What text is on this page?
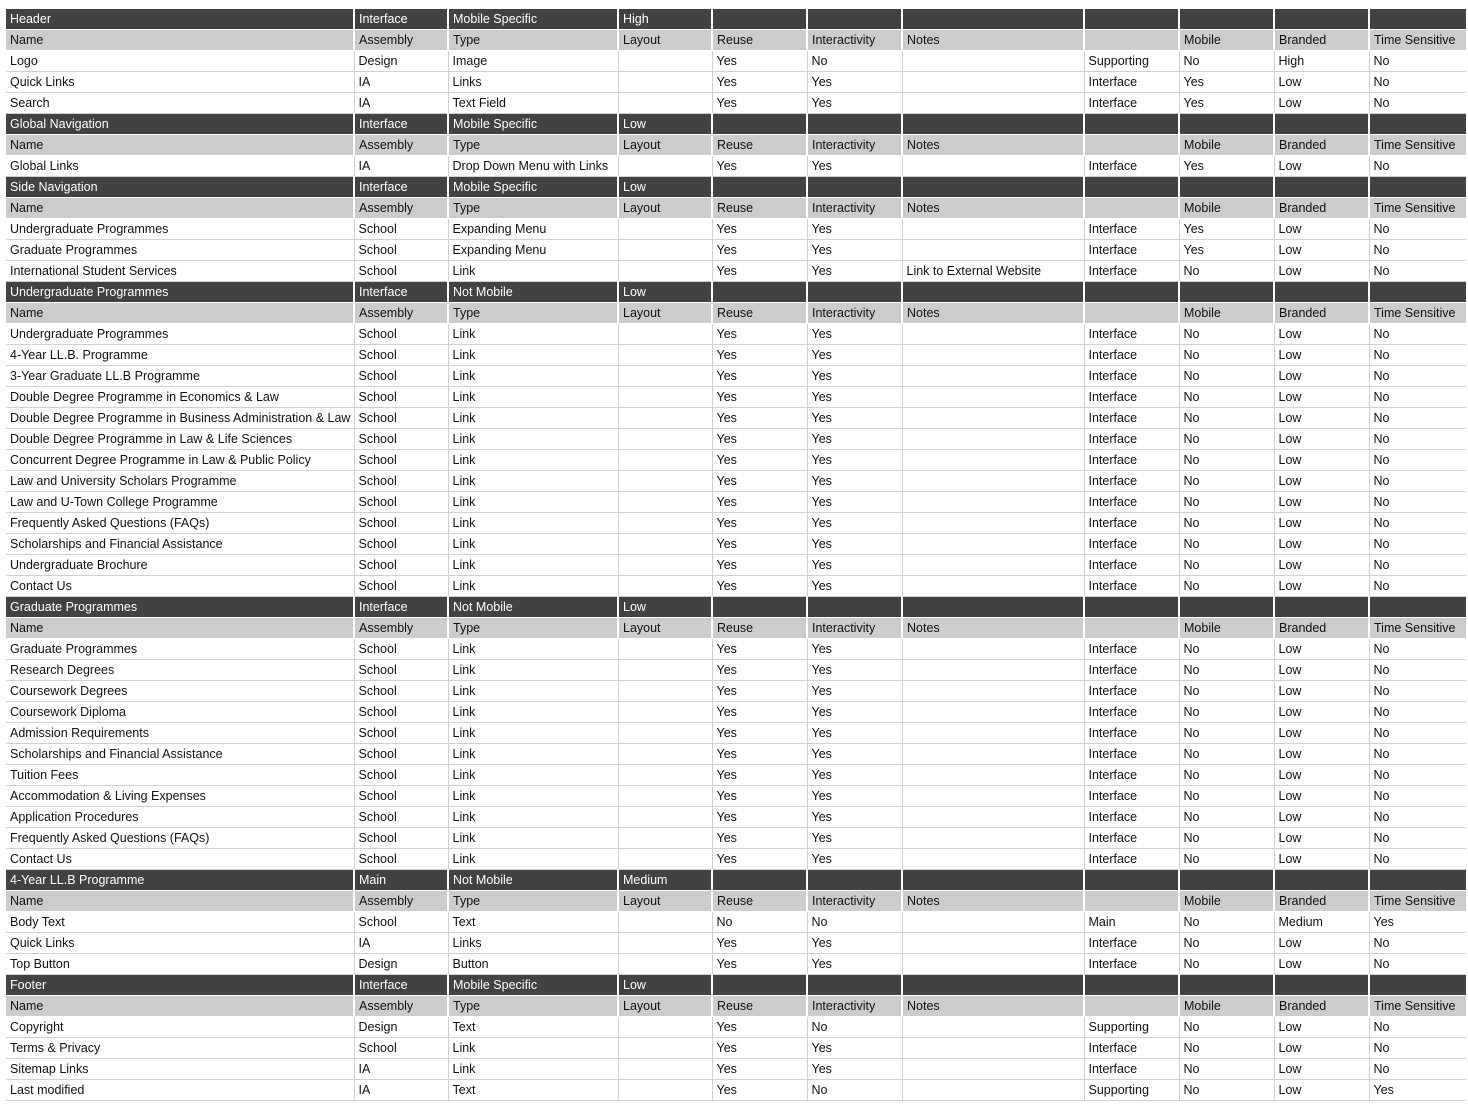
Header	Interface	Mobile Specific	High							
Name	Assembly	Type	Layout	Reuse	Interactivity	Notes		Mobile	Branded	Time Sensitive
Logo	Design	Image		Yes	No		Supporting	No	High	No
Quick Links	IA	Links		Yes	Yes		Interface	Yes	Low	No
Search	IA	Text Field		Yes	Yes		Interface	Yes	Low	No
Global Navigation	Interface	Mobile Specific	Low							
Name	Assembly	Type	Layout	Reuse	Interactivity	Notes		Mobile	Branded	Time Sensitive
Global Links	IA	Drop Down Menu with Links		Yes	Yes		Interface	Yes	Low	No
Side Navigation	Interface	Mobile Specific	Low							
Name	Assembly	Type	Layout	Reuse	Interactivity	Notes		Mobile	Branded	Time Sensitive
Undergraduate Programmes	School	Expanding Menu		Yes	Yes		Interface	Yes	Low	No
Graduate Programmes	School	Expanding Menu		Yes	Yes		Interface	Yes	Low	No
International Student Services	School	Link		Yes	Yes	Link to External Website	Interface	No	Low	No
Undergraduate Programmes	Interface	Not Mobile	Low							
Name	Assembly	Type	Layout	Reuse	Interactivity	Notes		Mobile	Branded	Time Sensitive
Undergraduate Programmes	School	Link		Yes	Yes		Interface	No	Low	No
4-Year LL.B. Programme	School	Link		Yes	Yes		Interface	No	Low	No
3-Year Graduate LL.B Programme	School	Link		Yes	Yes		Interface	No	Low	No
Double Degree Programme in Economics & Law	School	Link		Yes	Yes		Interface	No	Low	No
Double Degree Programme in Business Administration & Law	School	Link		Yes	Yes		Interface	No	Low	No
Double Degree Programme in Law & Life Sciences	School	Link		Yes	Yes		Interface	No	Low	No
Concurrent Degree Programme in Law & Public Policy	School	Link		Yes	Yes		Interface	No	Low	No
Law and University Scholars Programme	School	Link		Yes	Yes		Interface	No	Low	No
Law and U-Town College Programme	School	Link		Yes	Yes		Interface	No	Low	No
Frequently Asked Questions (FAQs)	School	Link		Yes	Yes		Interface	No	Low	No
Scholarships and Financial Assistance	School	Link		Yes	Yes		Interface	No	Low	No
Undergraduate Brochure	School	Link		Yes	Yes		Interface	No	Low	No
Contact Us	School	Link		Yes	Yes		Interface	No	Low	No
Graduate Programmes	Interface	Not Mobile	Low							
Name	Assembly	Type	Layout	Reuse	Interactivity	Notes		Mobile	Branded	Time Sensitive
Graduate Programmes	School	Link		Yes	Yes		Interface	No	Low	No
Research Degrees	School	Link		Yes	Yes		Interface	No	Low	No
Coursework Degrees	School	Link		Yes	Yes		Interface	No	Low	No
Coursework Diploma	School	Link		Yes	Yes		Interface	No	Low	No
Admission Requirements	School	Link		Yes	Yes		Interface	No	Low	No
Scholarships and Financial Assistance	School	Link		Yes	Yes		Interface	No	Low	No
Tuition Fees	School	Link		Yes	Yes		Interface	No	Low	No
Accommodation & Living Expenses	School	Link		Yes	Yes		Interface	No	Low	No
Application Procedures	School	Link		Yes	Yes		Interface	No	Low	No
Frequently Asked Questions (FAQs)	School	Link		Yes	Yes		Interface	No	Low	No
Contact Us	School	Link		Yes	Yes		Interface	No	Low	No
4-Year LL.B Programme	Main	Not Mobile	Medium							
Name	Assembly	Type	Layout	Reuse	Interactivity	Notes		Mobile	Branded	Time Sensitive
Body Text	School	Text		No	No		Main	No	Medium	Yes
Quick Links	IA	Links		Yes	Yes		Interface	No	Low	No
Top Button	Design	Button		Yes	Yes		Interface	No	Low	No
Footer	Interface	Mobile Specific	Low							
Name	Assembly	Type	Layout	Reuse	Interactivity	Notes		Mobile	Branded	Time Sensitive
Copyright	Design	Text		Yes	No		Supporting	No	Low	No
Terms & Privacy	School	Link		Yes	Yes		Interface	No	Low	No
Sitemap Links	IA	Link		Yes	Yes		Interface	No	Low	No
Last modified	IA	Text		Yes	No		Supporting	No	Low	Yes
